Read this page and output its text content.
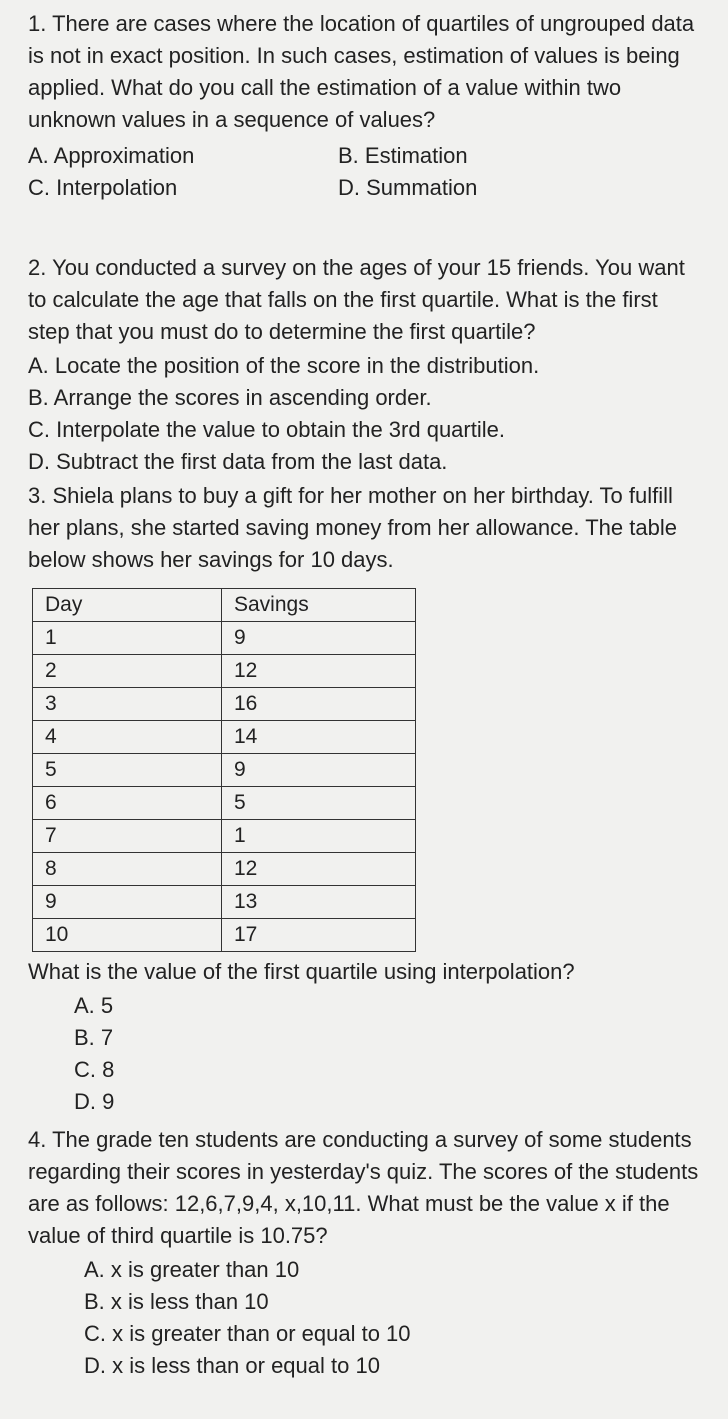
1. There are cases where the location of quartiles of ungrouped data is not in exact position. In such cases, estimation of values is being applied. What do you call the estimation of a value within two unknown values in a sequence of values?

A. Approximation	B. Estimation

C. Interpolation	D. Summation

2. You conducted a survey on the ages of your 15 friends. You want to calculate the age that falls on the first quartile. What is the first step that you must do to determine the first quartile?

A. Locate the position of the score in the distribution.

B. Arrange the scores in ascending order.

C. Interpolate the value to obtain the 3rd quartile.

D. Subtract the first data from the last data.

3. Shiela plans to buy a gift for her mother on her birthday. To fulfill her plans, she started saving money from her allowance. The table below shows her savings for 10 days.

Day	Savings
1	9
2	12
3	16
4	14
5	9
6	5
7	1
8	12
9	13
10	17

What is the value of the first quartile using interpolation?

A. 5

B. 7

C. 8

D. 9

4. The grade ten students are conducting a survey of some students regarding their scores in yesterday's quiz. The scores of the students are as follows: 12,6,7,9,4, x,10,11. What must be the value x if the value of third quartile is 10.75?

A. x is greater than 10

B. x is less than 10

C. x is greater than or equal to 10

D. x is less than or equal to 10
